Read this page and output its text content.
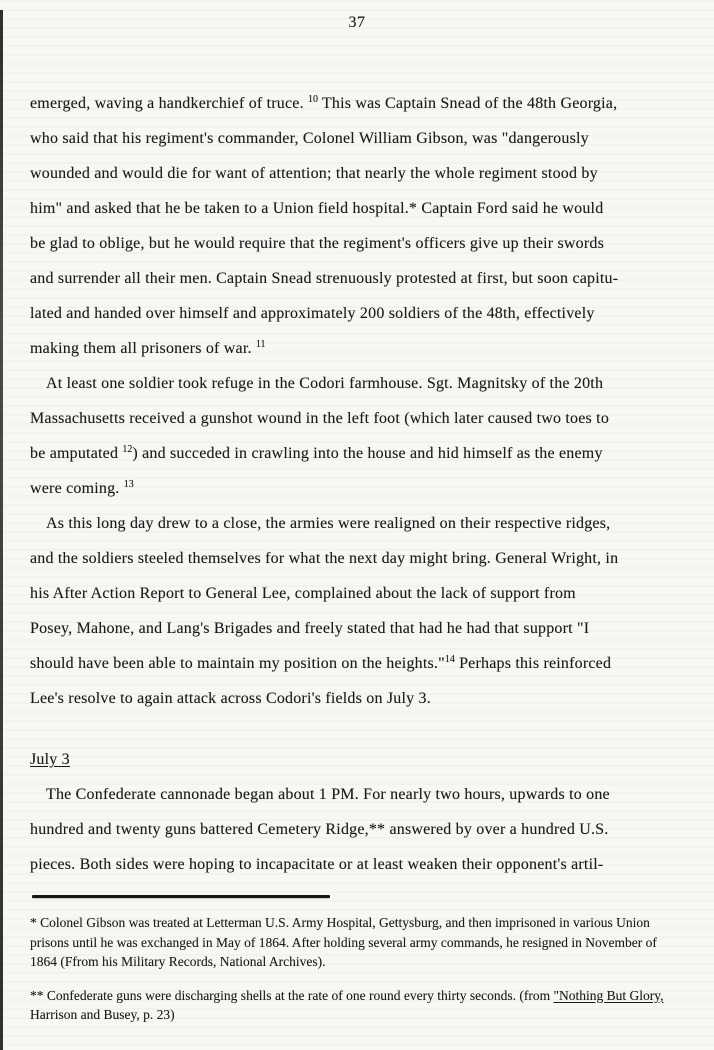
37
emerged, waving a handkerchief of truce. $^{10}$ This was Captain Snead of the 48th Georgia,
who said that his regiment's commander, Colonel William Gibson, was "dangerously
wounded and would die for want of attention; that nearly the whole regiment stood by
him" and asked that he be taken to a Union field hospital.* Captain Ford said he would
be glad to oblige, but he would require that the regiment's officers give up their swords
and surrender all their men. Captain Snead strenuously protested at first, but soon capitu-
lated and handed over himself and approximately 200 soldiers of the 48th, effectively
making them all prisoners of war. $^{11}$
At least one soldier took refuge in the Codori farmhouse. Sgt. Magnitsky of the 20th
Massachusetts received a gunshot wound in the left foot (which later caused two toes to
be amputated $^{12}$) and succeded in crawling into the house and hid himself as the enemy
were coming. $^{13}$
As this long day drew to a close, the armies were realigned on their respective ridges,
and the soldiers steeled themselves for what the next day might bring. General Wright, in
his After Action Report to General Lee, complained about the lack of support from
Posey, Mahone, and Lang's Brigades and freely stated that had he had that support "I
should have been able to maintain my position on the heights."$^{14}$ Perhaps this reinforced
Lee's resolve to again attack across Codori's fields on July 3.
July 3
The Confederate cannonade began about 1 PM. For nearly two hours, upwards to one
hundred and twenty guns battered Cemetery Ridge,** answered by over a hundred U.S.
pieces. Both sides were hoping to incapacitate or at least weaken their opponent's artil-
* Colonel Gibson was treated at Letterman U.S. Army Hospital, Gettysburg, and then imprisoned in various Union prisons until he was exchanged in May of 1864. After holding several army commands, he resigned in November of 1864 (Ffrom his Military Records, National Archives).
** Confederate guns were discharging shells at the rate of one round every thirty seconds. (from "Nothing But Glory, Harrison and Busey, p. 23)
